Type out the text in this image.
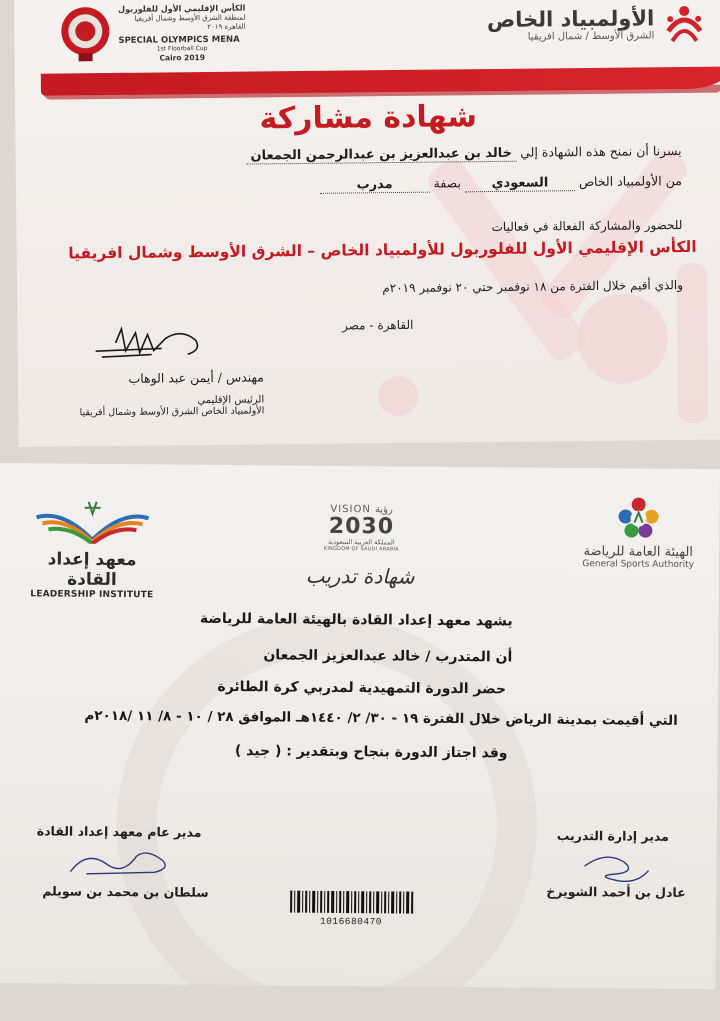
الأولمبياد الخاص
الشرق الأوسط / شمال افريقيا
الكأس الإقليمي الأول للفلوربول
لمنطقة الشرق الأوسط وشمال أفريقيا
القاهرة ٢٠١٩
SPECIAL OLYMPICS MENA
1st Floorball Cup
Cairo 2019
شهادة مشاركة
يسرنا أن نمنح هذه الشهادة إلي خالد بن عبدالعزيز بن عبدالرحمن الجمعان
من الأولمبياد الخاص السعودي بصفة مدرب
للحضور والمشاركة الفعالة في فعاليات
الكأس الإقليمي الأول للفلوربول للأولمبياد الخاص – الشرق الأوسط وشمال افريقيا
والذي أقيم خلال الفترة من ١٨ نوفمبر حتي ٢٠ نوفمبر ٢٠١٩م
القاهرة - مصر
مهندس / أيمن عبد الوهاب
الرئيس الإقليمي
الأولمبياد الخاص الشرق الأوسط وشمال أفريقيا
معهد إعداد القادة
LEADERSHIP INSTITUTE
VISION رؤية
2030
المملكة العربية السعودية
KINGDOM OF SAUDI ARABIA
شهادة تدريب
الهيئة العامة للرياضة
General Sports Authority
يشهد معهد إعداد القادة بالهيئة العامة للرياضة
أن المتدرب / خالد عبدالعزيز الجمعان
حضر الدورة التمهيدية لمدربي كرة الطائرة
التي أقيمت بمدينة الرياض خلال الفترة ١٩ - ٣٠/ ٢/ ١٤٤٠هـ الموافق ٢٨ / ١٠ - ٨/ ١١ /٢٠١٨م
وقد اجتاز الدورة بنجاح وبتقدير : ( جيد )
مدير عام معهد إعداد القادة
سلطان بن محمد بن سويلم
مدير إدارة التدريب
عادل بن أحمد الشويرخ
1016680470
